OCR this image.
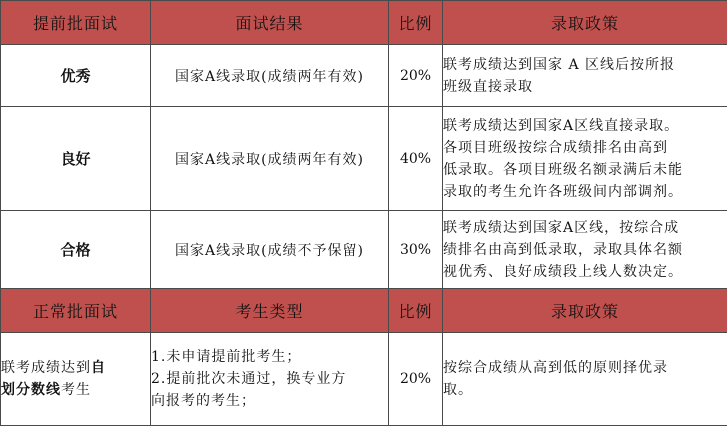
提前批面试	面试结果	比例	录取政策
优秀	国家A线录取(成绩两年有效)	20%	联考成绩达到国家 A 区线后按所报
班级直接录取

良好	国家A线录取(成绩两年有效)	40%	联考成绩达到国家A区线直接录取。
各项目班级按综合成绩排名由高到
低录取。各项目班级名额录满后未能
录取的考生允许各班级间内部调剂。

合格	国家A线录取(成绩不予保留)	30%	联考成绩达到国家A区线，按综合成
绩排名由高到低录取，录取具体名额
视优秀、良好成绩段上线人数决定。

正常批面试	考生类型	比例	录取政策

联考成绩达到自
划分数线考生	1.未申请提前批考生；
2.提前批次未通过，换专业方
向报考的考生；	20%	按综合成绩从高到低的原则择优录
取。
